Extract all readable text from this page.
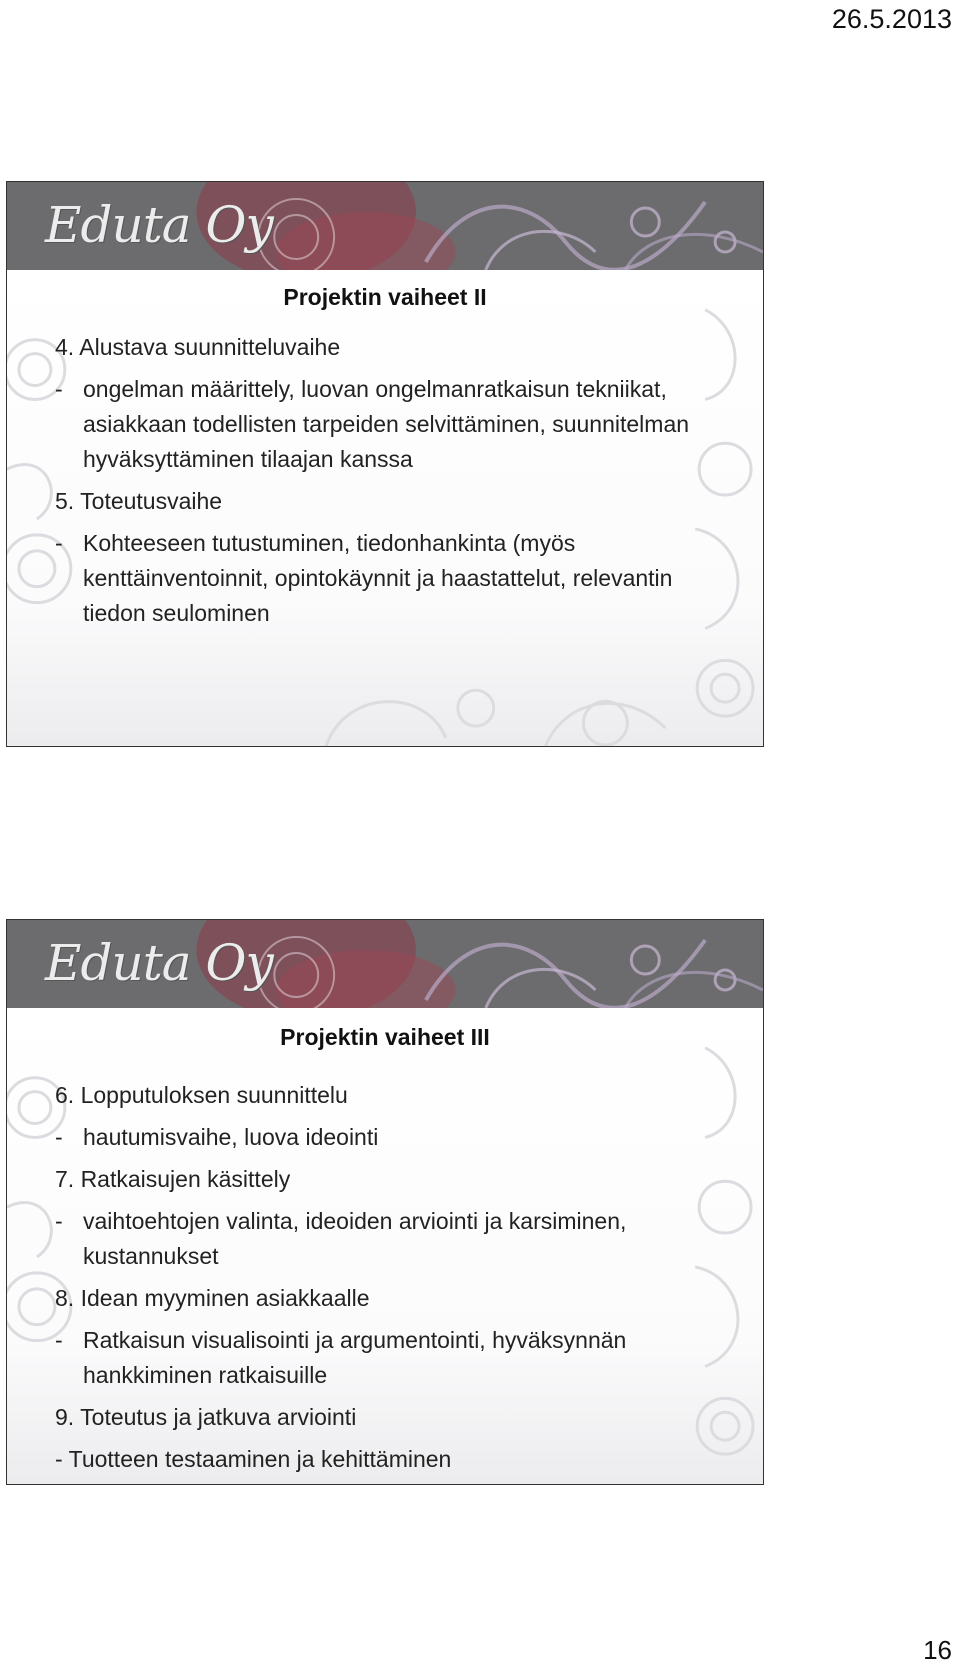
26.5.2013
Eduta Oy
Projektin vaiheet II
4. Alustava suunnitteluvaihe
- ongelman määrittely, luovan ongelmanratkaisun tekniikat, asiakkaan todellisten tarpeiden selvittäminen, suunnitelman hyväksyttäminen tilaajan kanssa
5. Toteutusvaihe
- Kohteeseen tutustuminen, tiedonhankinta (myös kenttäinventoinnit, opintokäynnit ja haastattelut, relevantin tiedon seulominen
Eduta Oy
Projektin vaiheet III
6. Lopputuloksen suunnittelu
- hautumisvaihe, luova ideointi
7. Ratkaisujen käsittely
- vaihtoehtojen valinta, ideoiden arviointi ja karsiminen, kustannukset
8. Idean myyminen asiakkaalle
- Ratkaisun visualisointi ja argumentointi, hyväksynnän hankkiminen ratkaisuille
9. Toteutus ja jatkuva arviointi
- Tuotteen testaaminen ja kehittäminen
16
